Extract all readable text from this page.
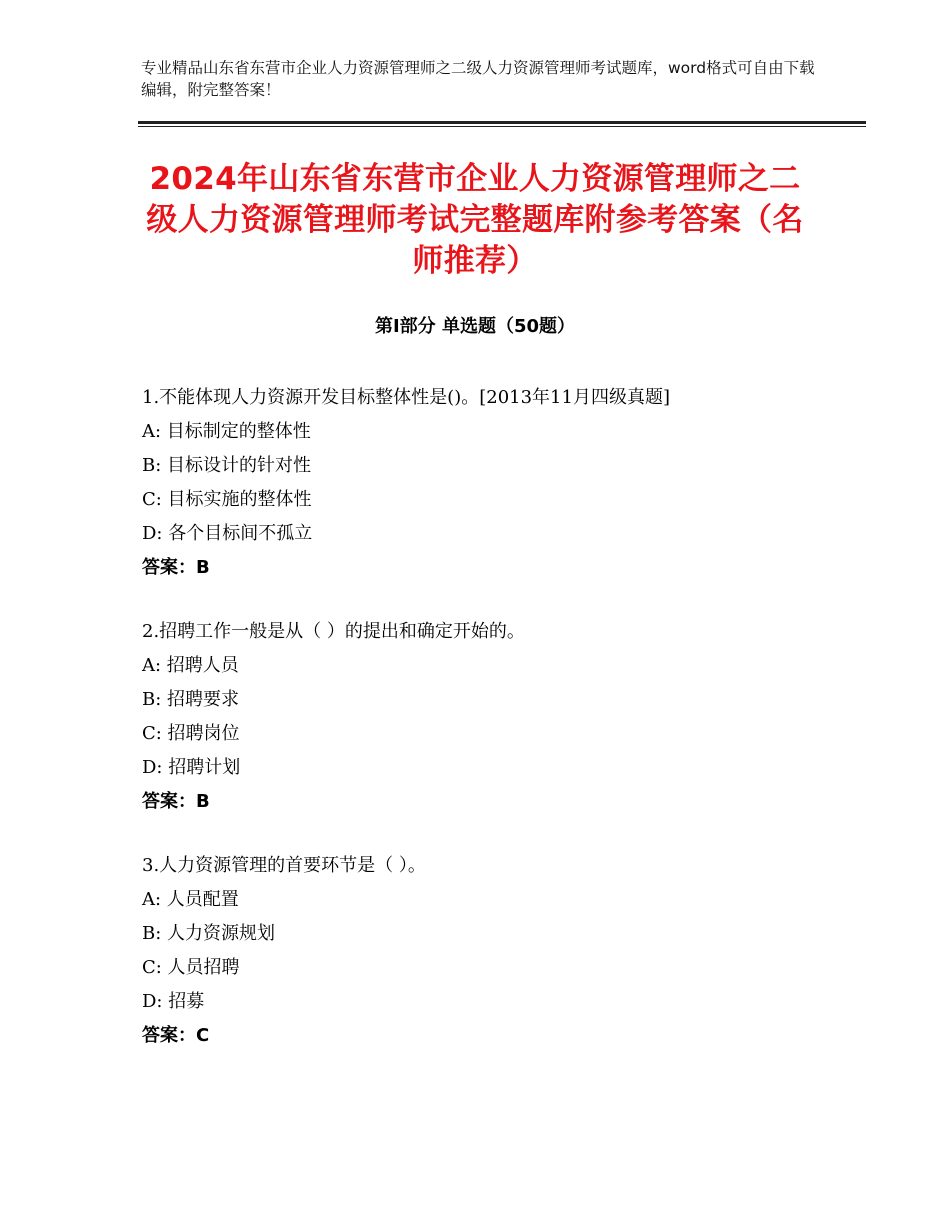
专业精品山东省东营市企业人力资源管理师之二级人力资源管理师考试题库，word格式可自由下载编辑，附完整答案！
2024年山东省东营市企业人力资源管理师之二级人力资源管理师考试完整题库附参考答案（名师推荐）
第Ⅰ部分 单选题（50题）
1.不能体现人力资源开发目标整体性是()。[2013年11月四级真题]
A: 目标制定的整体性
B: 目标设计的针对性
C: 目标实施的整体性
D: 各个目标间不孤立
答案：B
2.招聘工作一般是从（ ）的提出和确定开始的。
A: 招聘人员
B: 招聘要求
C: 招聘岗位
D: 招聘计划
答案：B
3.人力资源管理的首要环节是（ ）。
A: 人员配置
B: 人力资源规划
C: 人员招聘
D: 招募
答案：C
